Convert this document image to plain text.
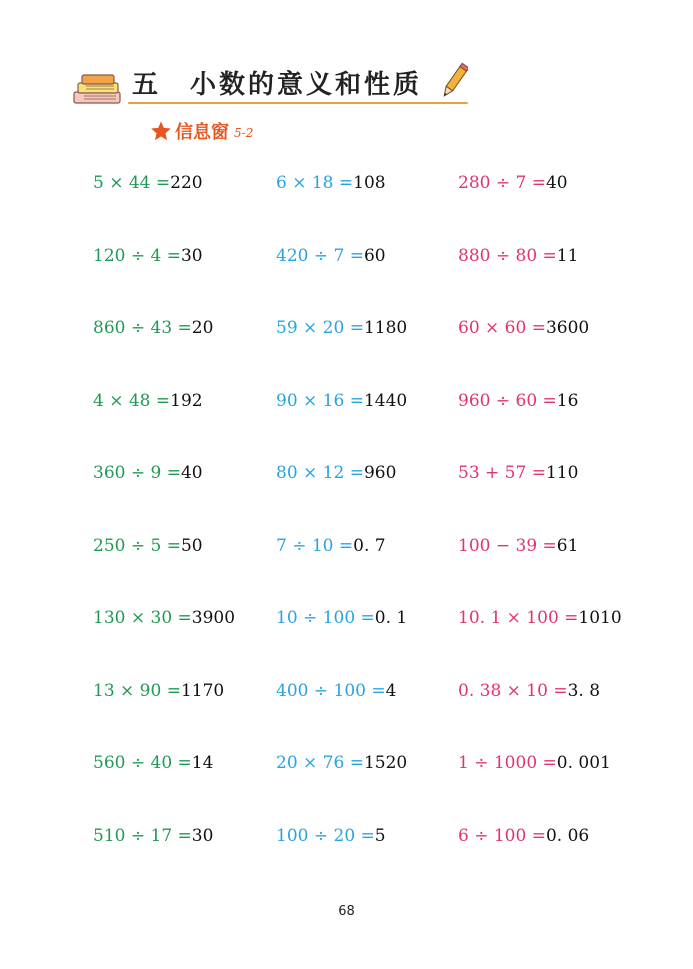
五 小数的意义和性质
信息窗 5-2
5 × 44 =220	6 × 18 =108	280 ÷ 7 =40
120 ÷ 4 =30	420 ÷ 7 =60	880 ÷ 80 =11
860 ÷ 43 =20	59 × 20 =1180	60 × 60 =3600
4 × 48 =192	90 × 16 =1440	960 ÷ 60 =16
360 ÷ 9 =40	80 × 12 =960	53 + 57 =110
250 ÷ 5 =50	7 ÷ 10 =0. 7	100 − 39 =61
130 × 30 =3900 10 ÷ 100 =0. 1	10. 1 × 100 =1010
13 × 90 =1170	400 ÷ 100 =4	0. 38 × 10 =3. 8
560 ÷ 40 =14	20 × 76 =1520	1 ÷ 1000 =0. 001
510 ÷ 17 =30	100 ÷ 20 =5	6 ÷ 100 =0. 06
68
